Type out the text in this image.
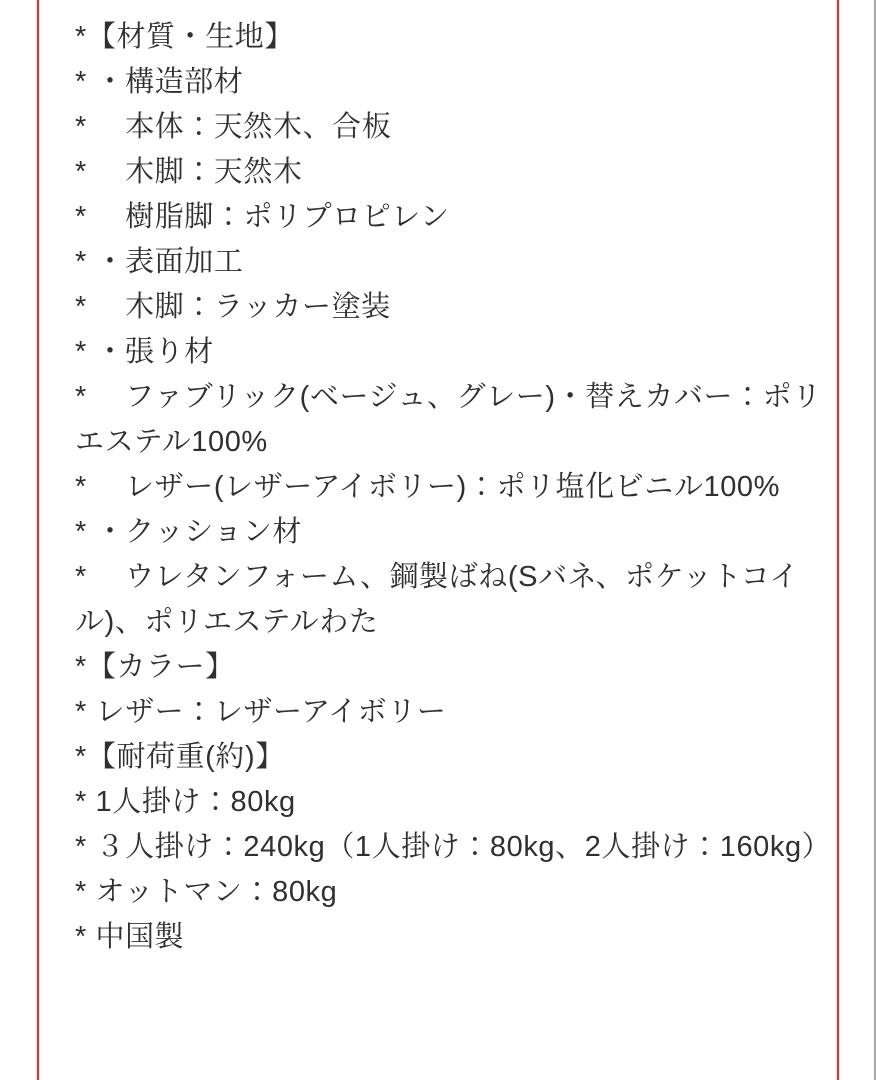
*【材質・生地】

* ・構造部材

* 　本体：天然木、合板

* 　木脚：天然木

* 　樹脂脚：ポリプロピレン

* ・表面加工

* 　木脚：ラッカー塗装

* ・張り材

* 　ファブリック(ベージュ、グレー)・替えカバー：ポリエステル100%

* 　レザー(レザーアイボリー)：ポリ塩化ビニル100%

* ・クッション材

* 　ウレタンフォーム、鋼製ばね(Sバネ、ポケットコイル)、ポリエステルわた

*【カラー】

* レザー：レザーアイボリー

*【耐荷重(約)】

* 1人掛け：80kg

* ３人掛け：240kg（1人掛け：80kg、2人掛け：160kg）

* オットマン：80kg

* 中国製
